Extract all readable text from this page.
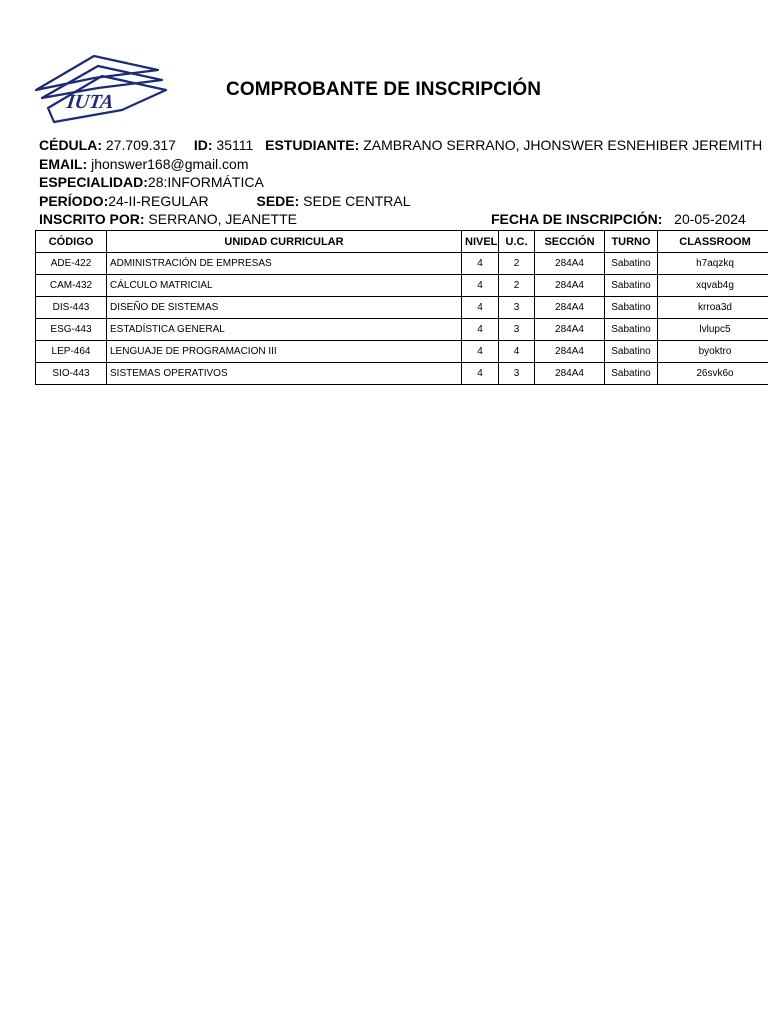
IUTA
COMPROBANTE DE INSCRIPCIÓN
CÉDULA: 27.709.317 ID: 35111 ESTUDIANTE: ZAMBRANO SERRANO, JHONSWER ESNEHIBER JEREMITH
EMAIL: jhonswer168@gmail.com
ESPECIALIDAD:28:INFORMÁTICA
PERÍODO:24-II-REGULAR	SEDE: SEDE CENTRAL
INSCRITO POR: SERRANO, JEANETTE	FECHA DE INSCRIPCIÓN: 20-05-2024
CÓDIGO	UNIDAD CURRICULAR	NIVEL	U.C.	SECCIÓN	TURNO	CLASSROOM
ADE-422	ADMINISTRACIÓN DE EMPRESAS	4	2	284A4	Sabatino	h7aqzkq
CAM-432	CÁLCULO MATRICIAL	4	2	284A4	Sabatino	xqvab4g
DIS-443	DISEÑO DE SISTEMAS	4	3	284A4	Sabatino	krroa3d
ESG-443	ESTADÍSTICA GENERAL	4	3	284A4	Sabatino	lvlupc5
LEP-464	LENGUAJE DE PROGRAMACION III	4	4	284A4	Sabatino	byoktro
SIO-443	SISTEMAS OPERATIVOS	4	3	284A4	Sabatino	26svk6o
